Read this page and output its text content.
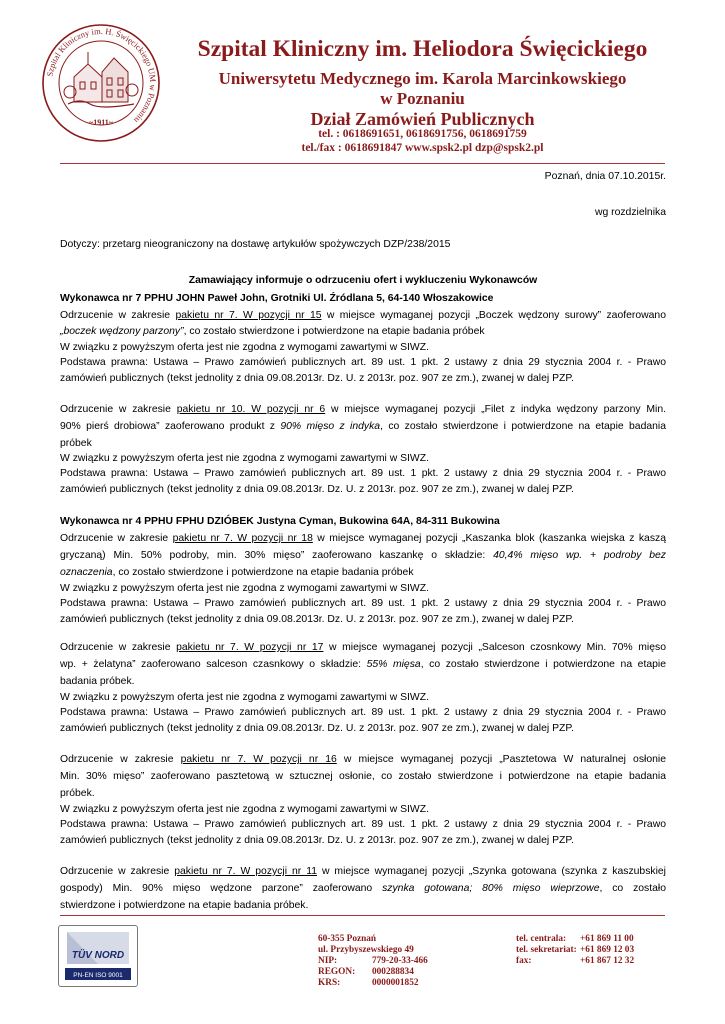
Szpital Kliniczny im. H. Święcickiego UM w Poznaniu
~1911~
Szpital Kliniczny im. Heliodora Święcickiego
Uniwersytetu Medycznego im. Karola Marcinkowskiego
w Poznaniu
Dział Zamówień Publicznych
tel. : 0618691651, 0618691756, 0618691759
tel./fax : 0618691847 www.spsk2.pl dzp@spsk2.pl
Poznań, dnia 07.10.2015r.
wg rozdzielnika
Dotyczy: przetarg nieograniczony na dostawę artykułów spożywczych DZP/238/2015
Zamawiający informuje o odrzuceniu ofert i wykluczeniu Wykonawców
Wykonawca nr 7 PPHU JOHN Paweł John, Grotniki Ul. Źródlana 5, 64-140 Włoszakowice
Odrzucenie w zakresie pakietu nr 7. W pozycji nr 15 w miejsce wymaganej pozycji „Boczek wędzony surowy” zaoferowano
„boczek wędzony parzony”, co zostało stwierdzone i potwierdzone na etapie badania próbek
W związku z powyższym oferta jest nie zgodna z wymogami zawartymi w SIWZ.
Podstawa prawna: Ustawa – Prawo zamówień publicznych art. 89 ust. 1 pkt. 2 ustawy z dnia 29 stycznia 2004 r. - Prawo
zamówień publicznych (tekst jednolity z dnia 09.08.2013r. Dz. U. z 2013r. poz. 907 ze zm.), zwanej w dalej PZP.
Odrzucenie w zakresie pakietu nr 10. W pozycji nr 6 w miejsce wymaganej pozycji „Filet z indyka wędzony parzony Min.
90% pierś drobiowa” zaoferowano produkt z 90% mięso z indyka, co zostało stwierdzone i potwierdzone na etapie badania
próbek
W związku z powyższym oferta jest nie zgodna z wymogami zawartymi w SIWZ.
Podstawa prawna: Ustawa – Prawo zamówień publicznych art. 89 ust. 1 pkt. 2 ustawy z dnia 29 stycznia 2004 r. - Prawo
zamówień publicznych (tekst jednolity z dnia 09.08.2013r. Dz. U. z 2013r. poz. 907 ze zm.), zwanej w dalej PZP.
Wykonawca nr 4 PPHU FPHU DZIÓBEK Justyna Cyman, Bukowina 64A, 84-311 Bukowina
Odrzucenie w zakresie pakietu nr 7. W pozycji nr 18 w miejsce wymaganej pozycji „Kaszanka blok (kaszanka wiejska z kaszą
gryczaną) Min. 50% podroby, min. 30% mięso” zaoferowano kaszankę o składzie: 40,4% mięso wp. + podroby bez
oznaczenia, co zostało stwierdzone i potwierdzone na etapie badania próbek
W związku z powyższym oferta jest nie zgodna z wymogami zawartymi w SIWZ.
Podstawa prawna: Ustawa – Prawo zamówień publicznych art. 89 ust. 1 pkt. 2 ustawy z dnia 29 stycznia 2004 r. - Prawo
zamówień publicznych (tekst jednolity z dnia 09.08.2013r. Dz. U. z 2013r. poz. 907 ze zm.), zwanej w dalej PZP.
Odrzucenie w zakresie pakietu nr 7. W pozycji nr 17 w miejsce wymaganej pozycji „Salceson czosnkowy Min. 70% mięso
wp. + żelatyna” zaoferowano salceson czasnkowy o składzie: 55% mięsa, co zostało stwierdzone i potwierdzone na etapie
badania próbek.
W związku z powyższym oferta jest nie zgodna z wymogami zawartymi w SIWZ.
Podstawa prawna: Ustawa – Prawo zamówień publicznych art. 89 ust. 1 pkt. 2 ustawy z dnia 29 stycznia 2004 r. - Prawo
zamówień publicznych (tekst jednolity z dnia 09.08.2013r. Dz. U. z 2013r. poz. 907 ze zm.), zwanej w dalej PZP.
Odrzucenie w zakresie pakietu nr 7. W pozycji nr 16 w miejsce wymaganej pozycji „Pasztetowa W naturalnej osłonie
Min. 30% mięso” zaoferowano pasztetową w sztucznej osłonie, co zostało stwierdzone i potwierdzone na etapie badania
próbek.
W związku z powyższym oferta jest nie zgodna z wymogami zawartymi w SIWZ.
Podstawa prawna: Ustawa – Prawo zamówień publicznych art. 89 ust. 1 pkt. 2 ustawy z dnia 29 stycznia 2004 r. - Prawo
zamówień publicznych (tekst jednolity z dnia 09.08.2013r. Dz. U. z 2013r. poz. 907 ze zm.), zwanej w dalej PZP.
Odrzucenie w zakresie pakietu nr 7. W pozycji nr 11 w miejsce wymaganej pozycji „Szynka gotowana (szynka z kaszubskiej
gospody) Min. 90% mięso wędzone parzone” zaoferowano szynka gotowana; 80% mięso wieprzowe, co zostało
stwierdzone i potwierdzone na etapie badania próbek.
TÜV NORD
PN-EN ISO 9001
60-355 Poznań
ul. Przybyszewskiego 49
NIP:	779-20-33-466
REGON: 000288834
KRS:	0000001852
tel. centrala: +61 869 11 00
tel. sekretariat: +61 869 12 03
fax:	+61 867 12 32
